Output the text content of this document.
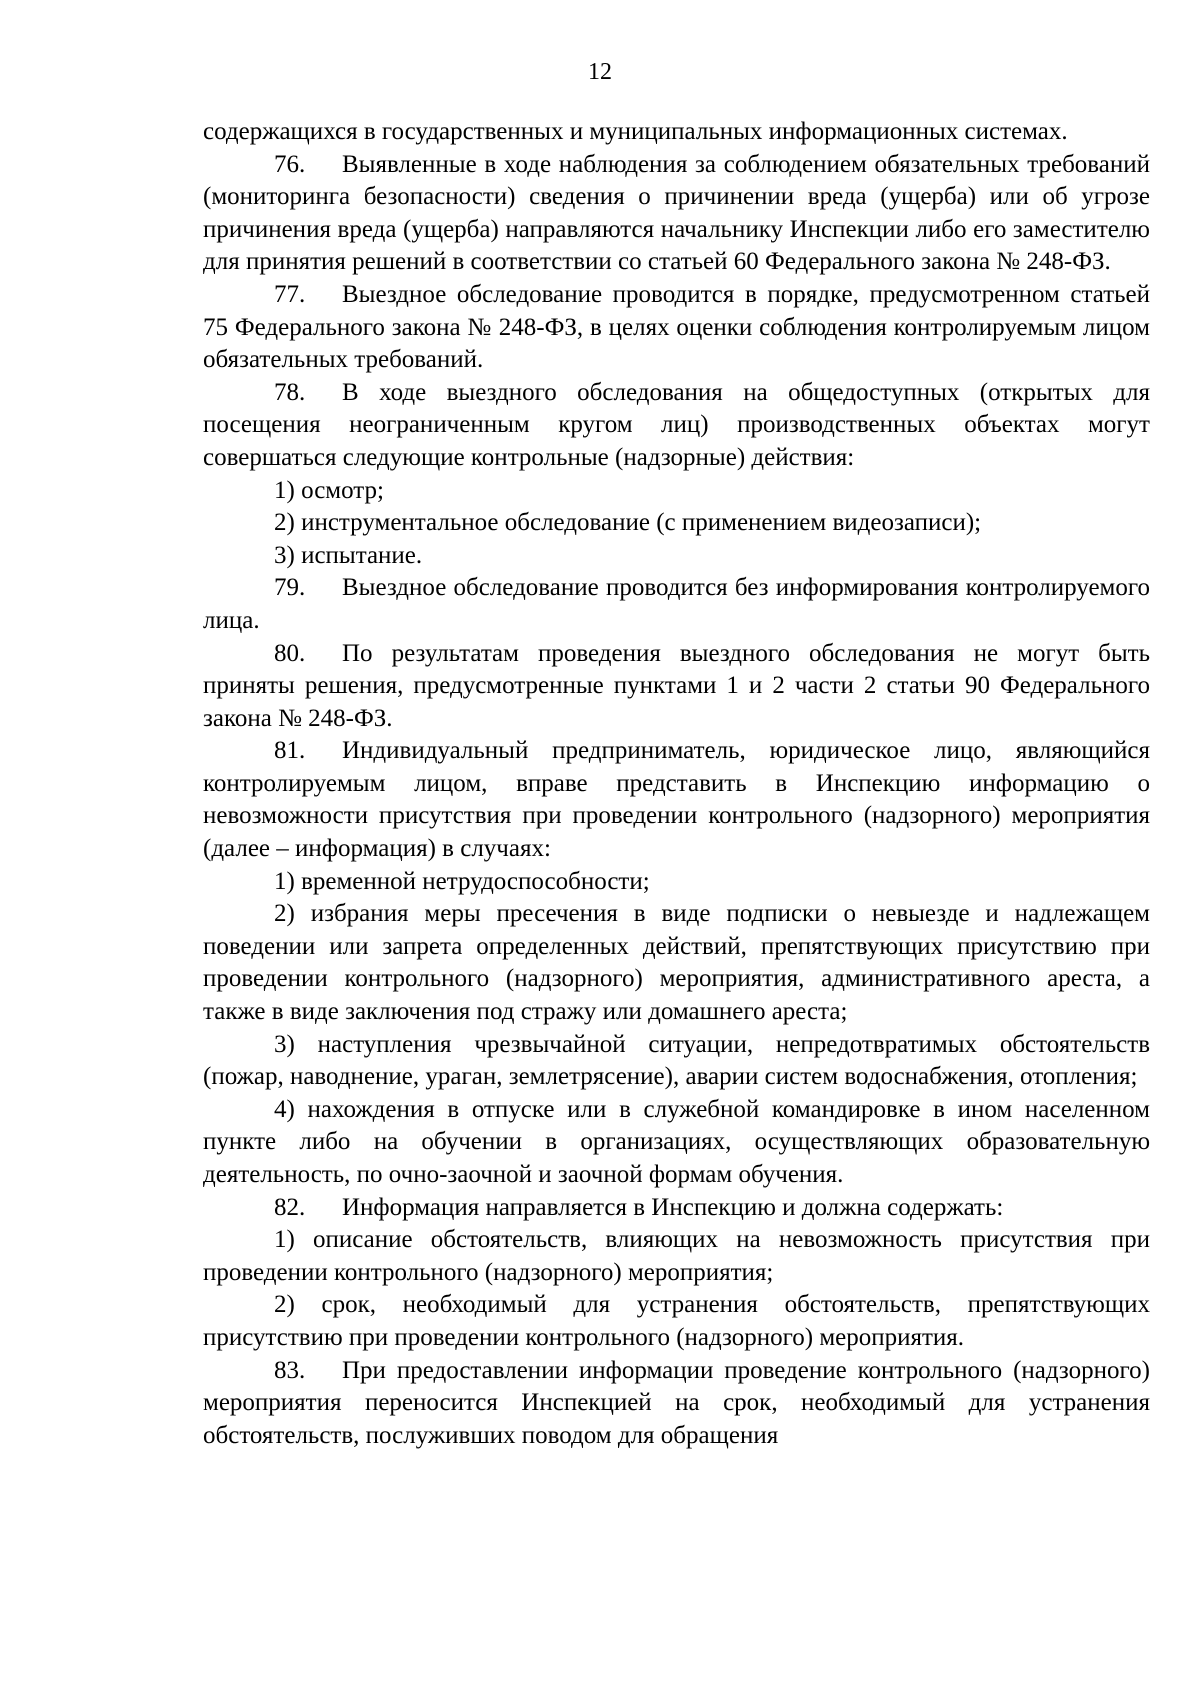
12

содержащихся в государственных и муниципальных информационных системах.

76. Выявленные в ходе наблюдения за соблюдением обязательных требований (мониторинга безопасности) сведения о причинении вреда (ущерба) или об угрозе причинения вреда (ущерба) направляются начальнику Инспекции либо его заместителю для принятия решений в соответствии со статьей 60 Федерального закона № 248-ФЗ.

77. Выездное обследование проводится в порядке, предусмотренном статьей 75 Федерального закона № 248-ФЗ, в целях оценки соблюдения контролируемым лицом обязательных требований.

78. В ходе выездного обследования на общедоступных (открытых для посещения неограниченным кругом лиц) производственных объектах могут совершаться следующие контрольные (надзорные) действия:

1) осмотр;

2) инструментальное обследование (с применением видеозаписи);

3) испытание.

79. Выездное обследование проводится без информирования контролируемого лица.

80. По результатам проведения выездного обследования не могут быть приняты решения, предусмотренные пунктами 1 и 2 части 2 статьи 90 Федерального закона № 248-ФЗ.

81. Индивидуальный предприниматель, юридическое лицо, являющийся контролируемым лицом, вправе представить в Инспекцию информацию о невозможности присутствия при проведении контрольного (надзорного) мероприятия (далее – информация) в случаях:

1) временной нетрудоспособности;

2) избрания меры пресечения в виде подписки о невыезде и надлежащем поведении или запрета определенных действий, препятствующих присутствию при проведении контрольного (надзорного) мероприятия, административного ареста, а также в виде заключения под стражу или домашнего ареста;

3) наступления чрезвычайной ситуации, непредотвратимых обстоятельств (пожар, наводнение, ураган, землетрясение), аварии систем водоснабжения, отопления;

4) нахождения в отпуске или в служебной командировке в ином населенном пункте либо на обучении в организациях, осуществляющих образовательную деятельность, по очно-заочной и заочной формам обучения.

82. Информация направляется в Инспекцию и должна содержать:

1) описание обстоятельств, влияющих на невозможность присутствия при проведении контрольного (надзорного) мероприятия;

2) срок, необходимый для устранения обстоятельств, препятствующих присутствию при проведении контрольного (надзорного) мероприятия.

83. При предоставлении информации проведение контрольного (надзорного) мероприятия переносится Инспекцией на срок, необходимый для устранения обстоятельств, послуживших поводом для обращения
